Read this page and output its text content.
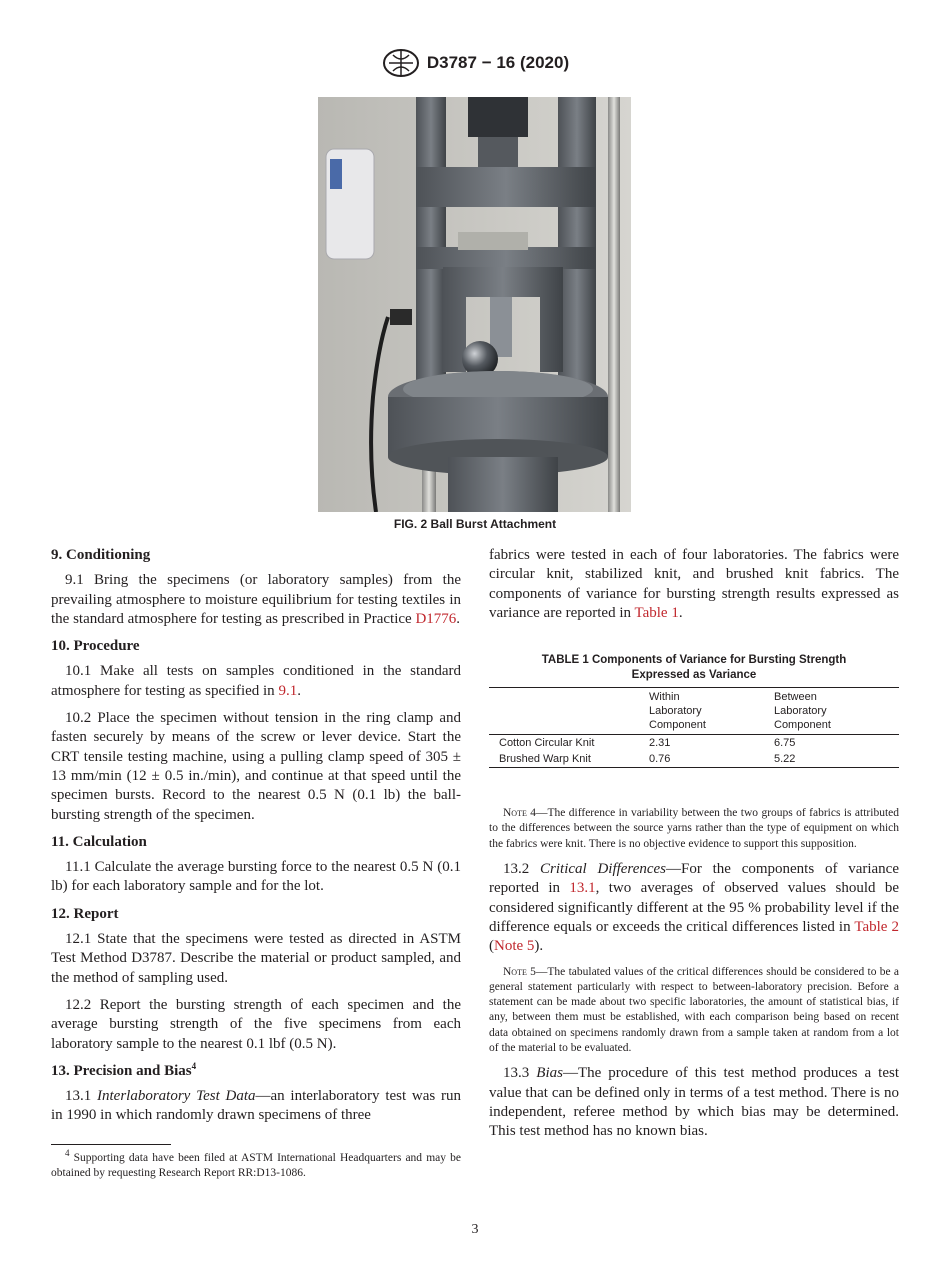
D3787 − 16 (2020)
FIG. 2 Ball Burst Attachment
9. Conditioning

9.1 Bring the specimens (or laboratory samples) from the prevailing atmosphere to moisture equilibrium for testing textiles in the standard atmosphere for testing as prescribed in Practice D1776.

10. Procedure

10.1 Make all tests on samples conditioned in the standard atmosphere for testing as specified in 9.1.

10.2 Place the specimen without tension in the ring clamp and fasten securely by means of the screw or lever device. Start the CRT tensile testing machine, using a pulling clamp speed of 305 ± 13 mm/min (12 ± 0.5 in./min), and continue at that speed until the specimen bursts. Record to the nearest 0.5 N (0.1 lb) the ball-bursting strength of the specimen.

11. Calculation

11.1 Calculate the average bursting force to the nearest 0.5 N (0.1 lb) for each laboratory sample and for the lot.

12. Report

12.1 State that the specimens were tested as directed in ASTM Test Method D3787. Describe the material or product sampled, and the method of sampling used.

12.2 Report the bursting strength of each specimen and the average bursting strength of the five specimens from each laboratory sample to the nearest 0.1 lbf (0.5 N).

13. Precision and Bias$^4$

13.1 Interlaboratory Test Data—an interlaboratory test was run in 1990 in which randomly drawn specimens of three

$^4$ Supporting data have been filed at ASTM International Headquarters and may be obtained by requesting Research Report RR:D13-1086.

fabrics were tested in each of four laboratories. The fabrics were circular knit, stabilized knit, and brushed knit fabrics. The components of variance for bursting strength results expressed as variance are reported in Table 1.

TABLE 1 Components of Variance for Bursting Strength
Expressed as Variance
	Within
Laboratory
Component	Between
Laboratory
Component
Cotton Circular Knit	2.31	6.75
Brushed Warp Knit	0.76	5.22

Note 4—The difference in variability between the two groups of fabrics is attributed to the differences between the source yarns rather than the type of equipment on which the fabrics were knit. There is no objective evidence to support this supposition.

13.2 Critical Differences—For the components of variance reported in 13.1, two averages of observed values should be considered significantly different at the 95 % probability level if the difference equals or exceeds the critical differences listed in Table 2 (Note 5).

Note 5—The tabulated values of the critical differences should be considered to be a general statement particularly with respect to between-laboratory precision. Before a statement can be made about two specific laboratories, the amount of statistical bias, if any, between them must be established, with each comparison being based on recent data obtained on specimens randomly drawn from a sample taken at random from a lot of the material to be evaluated.

13.3 Bias—The procedure of this test method produces a test value that can be defined only in terms of a test method. There is no independent, referee method by which bias may be determined. This test method has no known bias.

3
